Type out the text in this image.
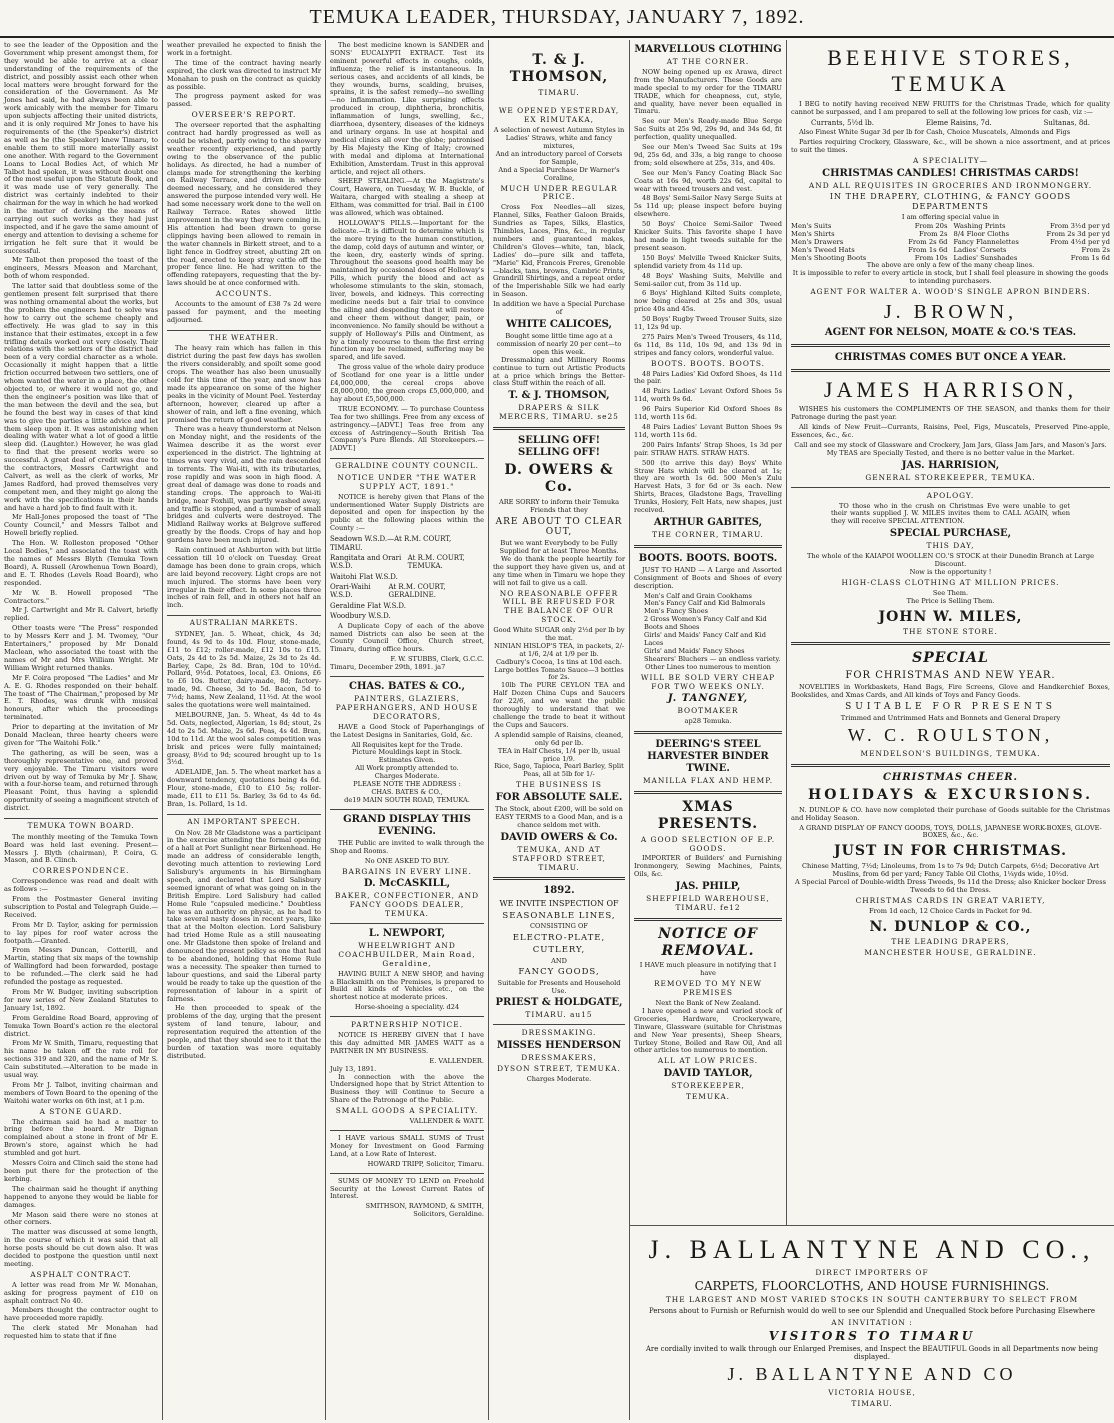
TEMUKA LEADER, THURSDAY, JANUARY 7, 1892.

to see the leader of the Opposition and the Government whip present amongst them, for they would be able to arrive at a clear understanding of the requirements of the district, and possibly assist each other when local matters were brought forward for the consideration of the Government. As Mr Jones had said, he had always been able to work amicably with the member for Timaru upon subjects affecting their united districts, and it is only required Mr Jones to have his requirements of the (the Speaker's) district as well as he (the Speaker) knew Timaru, to enable them to still more materially assist one another. With regard to the Government Loans to Local Bodies Act, of which Mr Talbot had spoken, it was without doubt one of the most useful upon the Statute Book, and it was made use of very generally. The district was certainly indebted to their chairman for the way in which he had worked in the matter of devising the means of carrying out such works as they had just inspected, and if he gave the same amount of energy and attention to devising a scheme for irrigation he felt sure that it would be successful.

Mr Talbot then proposed the toast of the engineers, Messrs Meason and Marchant, both of whom responded.

The latter said that doubtless some of the gentlemen present felt surprised that there was nothing ornamental about the works, but the problem the engineers had to solve was how to carry out the scheme cheaply and effectively. He was glad to say in this instance that their estimates, except in a few trifling details worked out very closely. Their relations with the settlers of the district had been of a very cordial character as a whole. Occasionally it might happen that a little friction occurred between two settlers, one of whom wanted the water in a place, the other objected to, or where it would not go, and then the engineer's position was like that of the man between the devil and the sea, but he found the best way in cases of that kind was to give the parties a little advice and let them sleep upon it. It was astonishing when dealing with water what a lot of good a little sleep did. (Laughter.) However, he was glad to find that the present works were so successful. A great deal of credit was due to the contractors, Messrs Cartwright and Calvert, as well as the clerk of works, Mr James Radford, had proved themselves very competent men, and they might go along the work with the specifications in their hands and have a hard job to find fault with it.

Mr Hall-Jones proposed the toast of "The County Council," and Messrs Talbot and Howell briefly replied.

The Hon. W. Rolleston proposed "Other Local Bodies," and associated the toast with the names of Messrs Blyth (Temuka Town Board), A. Russell (Arowhenua Town Board), and E. T. Rhodes (Levels Road Board), who responded.

Mr W. B. Howell proposed "The Contractors."

Mr J. Cartwright and Mr R. Calvert, briefly replied.

Other toasts were "The Press" responded to by Messrs Kerr and J. M. Twomey, "Our Entertainers," proposed by Mr Donald Maclean, who associated the toast with the names of Mr and Mrs William Wright. Mr William Wright returned thanks.

Mr F. Coira proposed "The Ladies" and Mr A. E. G. Rhodes responded on their behalf. The toast of "The Chairman," proposed by Mr E. T. Rhodes, was drunk with musical honours, after which the proceedings terminated.

Prior to departing at the invitation of Mr Donald Maclean, three hearty cheers were given for "The Waitohi Folk."

The gathering, as will be seen, was a thoroughly representative one, and proved very enjoyable. The Timaru visitors were driven out by way of Temuka by Mr J. Shaw, with a four-horse team, and returned through Pleasant Point, thus having a splendid opportunity of seeing a magnificent stretch of district.

TEMUKA TOWN BOARD.

The monthly meeting of the Temuka Town Board was held last evening. Present—Messrs J. Blyth (chairman), P. Coira, G. Mason, and B. Clinch.

CORRESPONDENCE.

Correspondence was read and dealt with as follows :—

From the Postmaster General inviting subscription to Postal and Telegraph Guide.—Received.

From Mr D. Taylor, asking for permission to lay pipes for roof water across the footpath.—Granted.

From Messrs Duncan, Cotterill, and Martin, stating that six maps of the township of Wallingford had been forwarded, postage to be refunded.—The clerk said he had refunded the postage as requested.

From Mr W. Budger, inviting subscription for new series of New Zealand Statutes to January 1st, 1892.

From Geraldine Road Board, approving of Temuka Town Board's action re the electoral district.

From Mr W. Smith, Timaru, requesting that his name be taken off the rate roll for sections 319 and 320, and the name of Mr S. Cain substituted.—Alteration to be made in usual way.

From Mr J. Talbot, inviting chairman and members of Town Board to the opening of the Waitohi water works on 6th inst, at 1 p.m.

A STONE GUARD.

The chairman said he had a matter to bring before the board. Mr Dignan complained about a stone in front of Mr E. Brown's store, against which he had stumbled and got hurt.

Messrs Coira and Clinch said the stone had been put there for the protection of the kerbing.

The chairman said he thought if anything happened to anyone they would be liable for damages.

Mr Mason said there were no stones at other corners.

The matter was discussed at some length, in the course of which it was said that all horse posts should be cut down also. It was decided to postpone the question until next meeting.

ASPHALT CONTRACT.

A letter was read from Mr W. Monahan, asking for progress payment of £10 on asphalt contract No 40.

Members thought the contractor ought to have proceeded more rapidly.

The clerk stated Mr Monahan had requested him to state that if fine

weather prevailed he expected to finish the work in a fortnight.

The time of the contract having nearly expired, the clerk was directed to instruct Mr Monahan to push on the contract as quickly as possible.

The progress payment asked for was passed.

OVERSEER'S REPORT.

The overseer reported that the asphalting contract had hardly progressed as well as could be wished, partly owing to the showery weather recently experienced, and partly owing to the observance of the public holidays. As directed, he had a number of clamps made for strengthening the kerbing on Railway Terrace, and driven in where deemed necessary, and he considered they answered the purpose intended very well. He had some necessary work done to the well on Railway Terrace. Rates showed little improvement in the way they were coming in. His attention had been drawn to gorse clippings having been allowed to remain in the water channels in Birkett street, and to a light fence in Godfrey street, abutting 2ft on the road, erected to keep stray cattle off the proper fence line. He had written to the offending ratepayers, requesting that the by-laws should be at once conformed with.

ACCOUNTS.

Accounts to the amount of £38 7s 2d were passed for payment, and the meeting adjourned.

THE WEATHER.

The heavy rain which has fallen in this district during the past few days has swollen the rivers considerably, and spoilt some good crops. The weather has also been unusually cold for this time of the year, and snow has made its appearance on some of the higher peaks in the vicinity of Mount Peel. Yesterday afternoon, however, cleared up after a shower of rain, and left a fine evening, which promised the return of good weather.

There was a heavy thunderstorm at Nelson on Monday night, and the residents of the Waimea describe it as the worst ever experienced in the district. The lightning at times was very vivid, and the rain descended in torrents. The Wai-iti, with its tributaries, rose rapidly and was soon in high flood. A great deal of damage was done to roads and standing crops. The approach to Wai-iti bridge, near Foxhill, was partly washed away, and traffic is stopped, and a number of small bridges and culverts were destroyed. The Midland Railway works at Belgrove suffered greatly by the floods. Crops of hay and hop gardens have been much injured.

Rain continued at Ashburton with but little cessation till 10 o'clock on Tuesday. Great damage has been done to grain crops, which are laid beyond recovery. Light crops are not much injured. The storms have been very irregular in their effect. In some places three inches of rain fell, and in others not half an inch.

AUSTRALIAN MARKETS.

SYDNEY, Jan. 5. Wheat, chick, 4s 3d; found, 4s 9d to 4s 10d. Flour, stone-made, £11 to £12; roller-made, £12 10s to £15. Oats, 2s 4d to 2s 5d. Maize, 2s 3d to 2s 4d. Barley, Cape, 2s 8d. Bran, 10d to 10½d. Pollard, 9½d. Potatoes, local, £3. Onions, £6 to £6 10s. Butter, dairy-made, 8d; factory-made, 9d. Cheese, 3d to 5d. Bacon, 5d to 7½d; hams, New Zealand, 11½d. At the wool sales the quotations were well maintained.

MELBOURNE, Jan. 5. Wheat, 4s 4d to 4s 5d. Oats, neglected, Algerian, 1s 8d; stout, 2s 4d to 2s 5d. Maize, 2s 6d. Peas, 4s 4d. Bran, 10d to 11d. At the wool sales competition was brisk and prices were fully maintained; greasy, 8½d to 9d; scoured brought up to 1s 3½d.

ADELAIDE, Jan. 5. The wheat market has a downward tendency, quotations being 4s 6d. Flour, stone-made, £10 to £10 5s; roller-made, £11 to £11 5s. Barley, 3s 6d to 4s 6d. Bran, 1s. Pollard, 1s 1d.

AN IMPORTANT SPEECH.

On Nov. 28 Mr Gladstone was a participant in the exercise attending the formal opening of a hall at Port Sunlight near Birkenhead. He made an address of considerable length, devoting much attention to reviewing Lord Salisbury's arguments in his Birmingham speech, and declared that Lord Salisbury seemed ignorant of what was going on in the British Empire. Lord Salisbury had called Home Rule "capsuled medicine." Doubtless he was an authority on physic, as he had to take several nasty doses in recent years, like that at the Molton election. Lord Salisbury had tried Home Rule as a still nauseating one. Mr Gladstone then spoke of Ireland and denounced the present policy as one that had to be abandoned, holding that Home Rule was a necessity. The speaker then turned to labour questions, and said the Liberal party would be ready to take up the question of the representation of labour in a spirit of fairness.

He then proceeded to speak of the problems of the day, urging that the present system of land tenure, labour, and representation required the attention of the people, and that they should see to it that the burden of taxation was more equitably distributed.

The best medicine known is SANDER and SONS' EUCALYPTI EXTRACT. Test its eminent powerful effects in coughs, colds, influenza; the relief is instantaneous. In serious cases, and accidents of all kinds, be they wounds, burns, scalding, bruises, sprains, it is the safest remedy—no swelling—no inflammation. Like surprising effects produced in croup, diphtheria, bronchitis, inflammation of lungs, swelling, &c., diarrhoea, dysentery, diseases of the kidneys and urinary organs. In use at hospital and medical clinics all over the globe; patronised by His Majesty the King of Italy; crowned with medal and diploma at International Exhibition, Amsterdam. Trust in this approval article, and reject all others.

SHEEP STEALING.—At the Magistrate's Court, Hawera, on Tuesday, W. B. Buckle, of Waitara, charged with stealing a sheep at Eltham, was committed for trial. Bail in £100 was allowed, which was obtained.

HOLLOWAY'S PILLS.—Important for the delicate.—It is difficult to determine which is the more trying to the human constitution, the damp, cold days of autumn and winter, or the keen, dry, easterly winds of spring. Throughout the seasons good health may be maintained by occasional doses of Holloway's Pills, which purify the blood and act as wholesome stimulants to the skin, stomach, liver, bowels, and kidneys. This correcting medicine needs but a fair trial to convince the ailing and desponding that it will restore and cheer them without danger, pain, or inconvenience. No family should be without a supply of Holloway's Pills and Ointment, as by a timely recourse to them the first erring function may be reclaimed, suffering may be spared, and life saved.

The gross value of the whole dairy produce of Scotland for one year is a little under £4,000,000, the cereal crops above £8,000,000, the green crops £5,000,000, and hay about £5,500,000.

TRUE ECONOMY. — To purchase Countess Tea for two shillings. Free from any excess of astringency.—[ADVT.] Teas free from any excess of Astringency—South British Tea Company's Pure Blends. All Storekeepers.—[ADVT.]

GERALDINE COUNTY COUNCIL.
NOTICE UNDER "THE WATER SUPPLY ACT, 1891."

NOTICE is hereby given that Plans of the undermentioned Water Supply Districts are deposited and open for inspection by the public at the following places within the County :—

Seadown W.S.D.—At R.M. COURT, TIMARU.
Rangitata and Orari W.S.D.
At R.M. COURT, TEMUKA.
Waitohi Flat W.S.D.
Orari-Waihi W.S.D.
At R.M. COURT, GERALDINE.
Geraldine Flat W.S.D.
Woodbury W.S.D.

A Duplicate Copy of each of the above named Districts can also be seen at the County Council Office, Church street, Timaru, during office hours.

F. W. STUBBS, Clerk, G.C.C.
Timaru, December 29th, 1891. ja7
CHAS. BATES & CO.,
PAINTERS, GLAZIERS, PAPERHANGERS, AND HOUSE DECORATORS,

HAVE a Good Stock of Paperhangings of the Latest Designs in Sanitaries, Gold, &c.

All Requisites kept for the Trade.
Picture Mouldings kept in Stock.
Estimates Given.
All Work promptly attended to.
Charges Moderate.
PLEASE NOTE THE ADDRESS :
CHAS. BATES & CO.,
de19 MAIN SOUTH ROAD, TEMUKA.
GRAND DISPLAY THIS EVENING.

THE Public are invited to walk through the Shop and Rooms.

No ONE ASKED TO BUY.
BARGAINS IN EVERY LINE.
D. McCASKILL,
BAKER, CONFECTIONER, AND FANCY GOODS DEALER, TEMUKA.
L. NEWPORT,
WHEELWRIGHT AND COACHBUILDER, Main Road, Geraldine,

HAVING BUILT A NEW SHOP, and having a Blacksmith on the Premises, is prepared to Build all kinds of Vehicles etc., on the shortest notice at moderate prices.

Horse-shoeing a speciality. d24
PARTNERSHIP NOTICE.

NOTICE IS HEREBY GIVEN that I have this day admitted MR JAMES WATT as a PARTNER IN MY BUSINESS.

E. VALLENDER.
July 13, 1891.

In connection with the above the Undersigned hope that by Strict Attention to Business they will Continue to Secure a Share of the Patronage of the Public.

SMALL GOODS A SPECIALITY.
VALLENDER & WATT.

I HAVE various SMALL SUMS of Trust Money for Investment on Good Farming Land, at a Low Rate of Interest.

HOWARD TRIPP, Solicitor, Timaru.

SUMS OF MONEY TO LEND on Freehold Security at the Lowest Current Rates of Interest.

SMITHSON, RAYMOND, & SMITH, Solicitors, Geraldine.
T. & J. THOMSON,
TIMARU.
WE OPENED YESTERDAY, EX RIMUTAKA,

A selection of newest Autumn Styles in Ladies' Straws, white and fancy mixtures,

And an introductory parcel of Corsets for Sample,

And a Special Purchase Dr Warner's Coraline,

MUCH UNDER REGULAR PRICE.

Cross Fox Needles—all sizes, Flannel, Silks, Feather Galoon Braids, Sundries as Tapes, Silks, Elastics, Thimbles, Laces, Pins, &c., in regular numbers and guaranteed makes, Children's Gloves—white, tan, black, Ladies' do—pure silk and taffeta, "Marie" Kid, Francois Freres, Grenoble—blacks, tans, browns, Cambric Prints, Grandrill Shirtings, and a repeat order of the Imperishable Silk we had early in Season.

In addition we have a Special Purchase of

WHITE CALICOES,

Bought some little time ago at a commission of nearly 20 per cent—to open this week.

Dressmaking and Millinery Rooms continue to turn out Artistic Products at a price which brings the Better-class Stuff within the reach of all.

T. & J. THOMSON,
DRAPERS & SILK MERCERS, TIMARU. se25
SELLING OFF! SELLING OFF!
D. OWERS & Co.

ARE SORRY to inform their Temuka Friends that they

ARE ABOUT TO CLEAR OUT,

But we want Everybody to be Fully Supplied for at least Three Months.

We do thank the people heartily for the support they have given us, and at any time when in Timaru we hope they will not fail to give us a call.

NO REASONABLE OFFER WILL BE REFUSED FOR THE BALANCE OF OUR STOCK.

Good White SUGAR only 2½d per lb by the mat.

NINIAN HISLOP'S TEA, in packets, 2/- at 1/6, 2/4 at 1/9 per lb.

Cadbury's Cocoa, 1s tins at 10d each.

Large bottles Tomato Sauce—3 bottles for 2s.

10lb The PURE CEYLON TEA and Half Dozen China Cups and Saucers for 22/6, and we want the public thoroughly to understand that we challenge the trade to beat it without the Cups and Saucers.

A splendid sample of Raisins, cleaned, only 6d per lb.

TEA in Half Chests, 1/4 per lb, usual price 1/9.

Rice, Sago, Tapioca, Pearl Barley, Split Peas, all at 5lb for 1/-

THE BUSINESS IS

FOR ABSOLUTE SALE.

The Stock, about £200, will be sold on EASY TERMS to a Good Man, and is a chance seldom met with.

DAVID OWERS & Co.
TEMUKA, AND AT STAFFORD STREET, TIMARU.
1892.

WE INVITE INSPECTION OF

SEASONABLE LINES,

CONSISTING OF

ELECTRO-PLATE,

CUTLERY,

AND

FANCY GOODS,

Suitable for Presents and Household Use.

PRIEST & HOLDGATE,
TIMARU. au15
DRESSMAKING.
MISSES HENDERSON
DRESSMAKERS,
DYSON STREET, TEMUKA.
Charges Moderate.
MARVELLOUS CLOTHING
AT THE CORNER.

NOW being opened up ex Arawa, direct from the Manufacturers. These Goods are made special to my order for the TIMARU TRADE, which for cheapness, cut, style, and quality, have never been equalled in Timaru.

See our Men's Ready-made Blue Serge Sac Suits at 25s 9d, 29s 9d, and 34s 6d, fit perfection, quality unequalled.

See our Men's Tweed Sac Suits at 19s 9d, 25s 6d, and 33s, a big range to choose from; sold elsewhere at 25s, 31s, and 40s.

See our Men's Fancy Coating Black Sac Coats at 16s 9d, worth 22s 6d, capital to wear with tweed trousers and vest.

48 Boys' Semi-Sailor Navy Serge Suits at 5s 11d up; please inspect before buying elsewhere.

50 Boys' Choice Semi-Sailor Tweed Knicker Suits. This favorite shape I have had made in light tweeds suitable for the present season.

150 Boys' Melville Tweed Knicker Suits, splendid variety from 4s 11d up.

48 Boys' Washing Suits, Melville and Semi-sailor cut, from 3s 11d up.

6 Boys' Highland Kilted Suits complete, now being cleared at 25s and 30s, usual price 40s and 45s.

50 Boys' Rugby Tweed Trouser Suits, size 11, 12s 9d up.

275 Pairs Men's Tweed Trousers, 4s 11d, 6s 11d, 8s 11d, 10s 9d, and 13s 9d in stripes and fancy colors, wonderful value.

BOOTS. BOOTS. BOOTS.

48 Pairs Ladies' Kid Oxford Shoes, 4s 11d the pair.

48 Pairs Ladies' Levant Oxford Shoes 5s 11d, worth 9s 6d.

96 Pairs Superior Kid Oxford Shoes 8s 11d, worth 11s 6d.

48 Pairs Ladies' Levant Button Shoes 9s 11d, worth 11s 6d.

200 Pairs Infants' Strap Shoes, 1s 3d per pair. STRAW HATS. STRAW HATS.

500 (to arrive this day) Boys' White Straw Hats which will be cleared at 1s; they are worth 1s 6d. 500 Men's Zulu Harvest Hats, 3 for 6d or 3s each. New Shirts, Braces, Gladstone Bags, Travelling Trunks, Hosiery, Felt Hats, new shapes, just received.

ARTHUR GABITES,
THE CORNER, TIMARU.
BOOTS. BOOTS. BOOTS.

JUST TO HAND — A Large and Assorted Consignment of Boots and Shoes of every description.

Men's Calf and Grain Cookhams
Men's Fancy Calf and Kid Balmorals
Men's Fancy Shoes
2 Gross Women's Fancy Calf and Kid Boots and Shoes
Girls' and Maids' Fancy Calf and Kid Laces
Girls' and Maids' Fancy Shoes
Shearers' Bluchers — an endless variety.

Other Lines too numerous to mention

WILL BE SOLD VERY CHEAP FOR TWO WEEKS ONLY.

J. TANGNEY,
BOOTMAKER
ap28 Temuka.
DEERING'S STEEL HARVESTER BINDER TWINE.
MANILLA FLAX AND HEMP.
XMAS PRESENTS.
A GOOD SELECTION OF E.P. GOODS.

IMPORTER of Builders' and Furnishing Ironmongery, Sewing Machines, Paints, Oils, &c.

JAS. PHILP,
SHEFFIELD WAREHOUSE, TIMARU. fe12
NOTICE OF REMOVAL.

I HAVE much pleasure in notifying that I have

REMOVED TO MY NEW PREMISES

Next the Bank of New Zealand.

I have opened a new and varied stock of Groceries, Hardware, Crockeryware, Tinware, Glassware (suitable for Christmas and New Year presents), Sheep Shears, Turkey Stone, Boiled and Raw Oil, And all other articles too numerous to mention.

ALL AT LOW PRICES.

DAVID TAYLOR,
STOREKEEPER,
TEMUKA.
BEEHIVE STORES, TEMUKA

I BEG to notify having received NEW FRUITS for the Christmas Trade, which for quality cannot be surpassed, and I am prepared to sell at the following low prices for cash, viz :—

Currants, 5½d lb.	Eleme Raisins, 7d.	Sultanas, 8d.

Also Finest White Sugar 3d per lb for Cash, Choice Muscatels, Almonds and Figs

Parties requiring Crockery, Glassware, &c., will be shown a nice assortment, and at prices to suit the times.

A SPECIALITY—
CHRISTMAS CANDLES! CHRISTMAS CARDS!
AND ALL REQUISITES IN GROCERIES AND IRONMONGERY.
IN THE DRAPERY, CLOTHING, & FANCY GOODS DEPARTMENTS
I am offering special value in
Men's Suits	From 20s
Men's Shirts	From 2s
Men's Drawers	From 2s 6d
Men's Tweed Hats	From 1s 6d
Men's Shooting Boots	From 10s
Washing Prints	From 3½d per yd
8/4 Floor Cloths	From 2s 3d per yd
Fancy Flannelettes	From 4½d per yd
Ladies' Corsets	From 2s
Ladies' Sunshades	From 1s 6d
The above are only a few of the many cheap lines.

It is impossible to refer to every article in stock, but I shall feel pleasure in showing the goods to intending purchasers.

AGENT FOR WALTER A. WOOD'S SINGLE APRON BINDERS.
J. BROWN,
AGENT FOR NELSON, MOATE & CO.'S TEAS.
CHRISTMAS COMES BUT ONCE A YEAR.
JAMES HARRISON,

WISHES his customers the COMPLIMENTS OF THE SEASON, and thanks them for their Patronage during the past year.

All kinds of New Fruit—Currants, Raisins, Peel, Figs, Muscatels, Preserved Pine-apple, Essences, &c., &c.

Call and see my stock of Glassware and Crockery, Jam Jars, Glass Jam Jars, and Mason's Jars.

My TEAS are Specially Tested, and there is no better value in the Market.

JAS. HARRISION,
GENERAL STOREKEEPER, TEMUKA.
APOLOGY.

TO those who in the crush on Christmas Eve were unable to get their wants supplied J. W. MILES invites them to CALL AGAIN, when they will receive SPECIAL ATTENTION.

SPECIAL PURCHASE,
THIS DAY,

The whole of the KAIAPOI WOOLLEN CO.'S STOCK at their Dunedin Branch at Large Discount.

Now is the opportunity !
HIGH-CLASS CLOTHING AT MILLION PRICES.
See Them.
The Price is Selling Them.
JOHN W. MILES,
THE STONE STORE.
SPECIAL
FOR CHRISTMAS AND NEW YEAR.

NOVELTIES in Workbaskets, Hand Bags, Fire Screens, Glove and Handkerchief Boxes, Bookslides, and Xmas Cards, and All kinds of Toys and Fancy Goods.

SUITABLE FOR PRESENTS
Trimmed and Untrimmed Hats and Bonnets and General Drapery
W. C. ROULSTON,
MENDELSON'S BUILDINGS, TEMUKA.
CHRISTMAS CHEER.
HOLIDAYS & EXCURSIONS.

N. DUNLOP & CO. have now completed their purchase of Goods suitable for the Christmas and Holiday Season.

A GRAND DISPLAY OF FANCY GOODS, TOYS, DOLLS, JAPANESE WORK-BOXES, GLOVE-BOXES, &c., &c.

JUST IN FOR CHRISTMAS.

Chinese Matting, 7½d; Linoleums, from 1s to 7s 9d; Dutch Carpets, 6½d; Decorative Art Muslins, from 6d per yard; Fancy Table Oil Cloths, 1¼yds wide, 10½d.

A Special Parcel of Double-width Dress Tweeds, 9s 11d the Dress; also Knicker bocker Dress Tweeds to 6d the Dress.

CHRISTMAS CARDS IN GREAT VARIETY,
From 1d each, 12 Choice Cards in Packet for 9d.
N. DUNLOP & CO.,
THE LEADING DRAPERS,
MANCHESTER HOUSE, GERALDINE.
J. BALLANTYNE AND CO.,
DIRECT IMPORTERS OF
CARPETS, FLOORCLOTHS, AND HOUSE FURNISHINGS.
THE LARGEST AND MOST VARIED STOCKS IN SOUTH CANTERBURY TO SELECT FROM
Persons about to Furnish or Refurnish would do well to see our Splendid and Unequalled Stock before Purchasing Elsewhere
AN INVITATION :
VISITORS TO TIMARU
Are cordially invited to walk through our Enlarged Premises, and Inspect the BEAUTIFUL Goods in all Departments now being displayed.
J. BALLANTYNE AND CO
VICTORIA HOUSE,
TIMARU.
